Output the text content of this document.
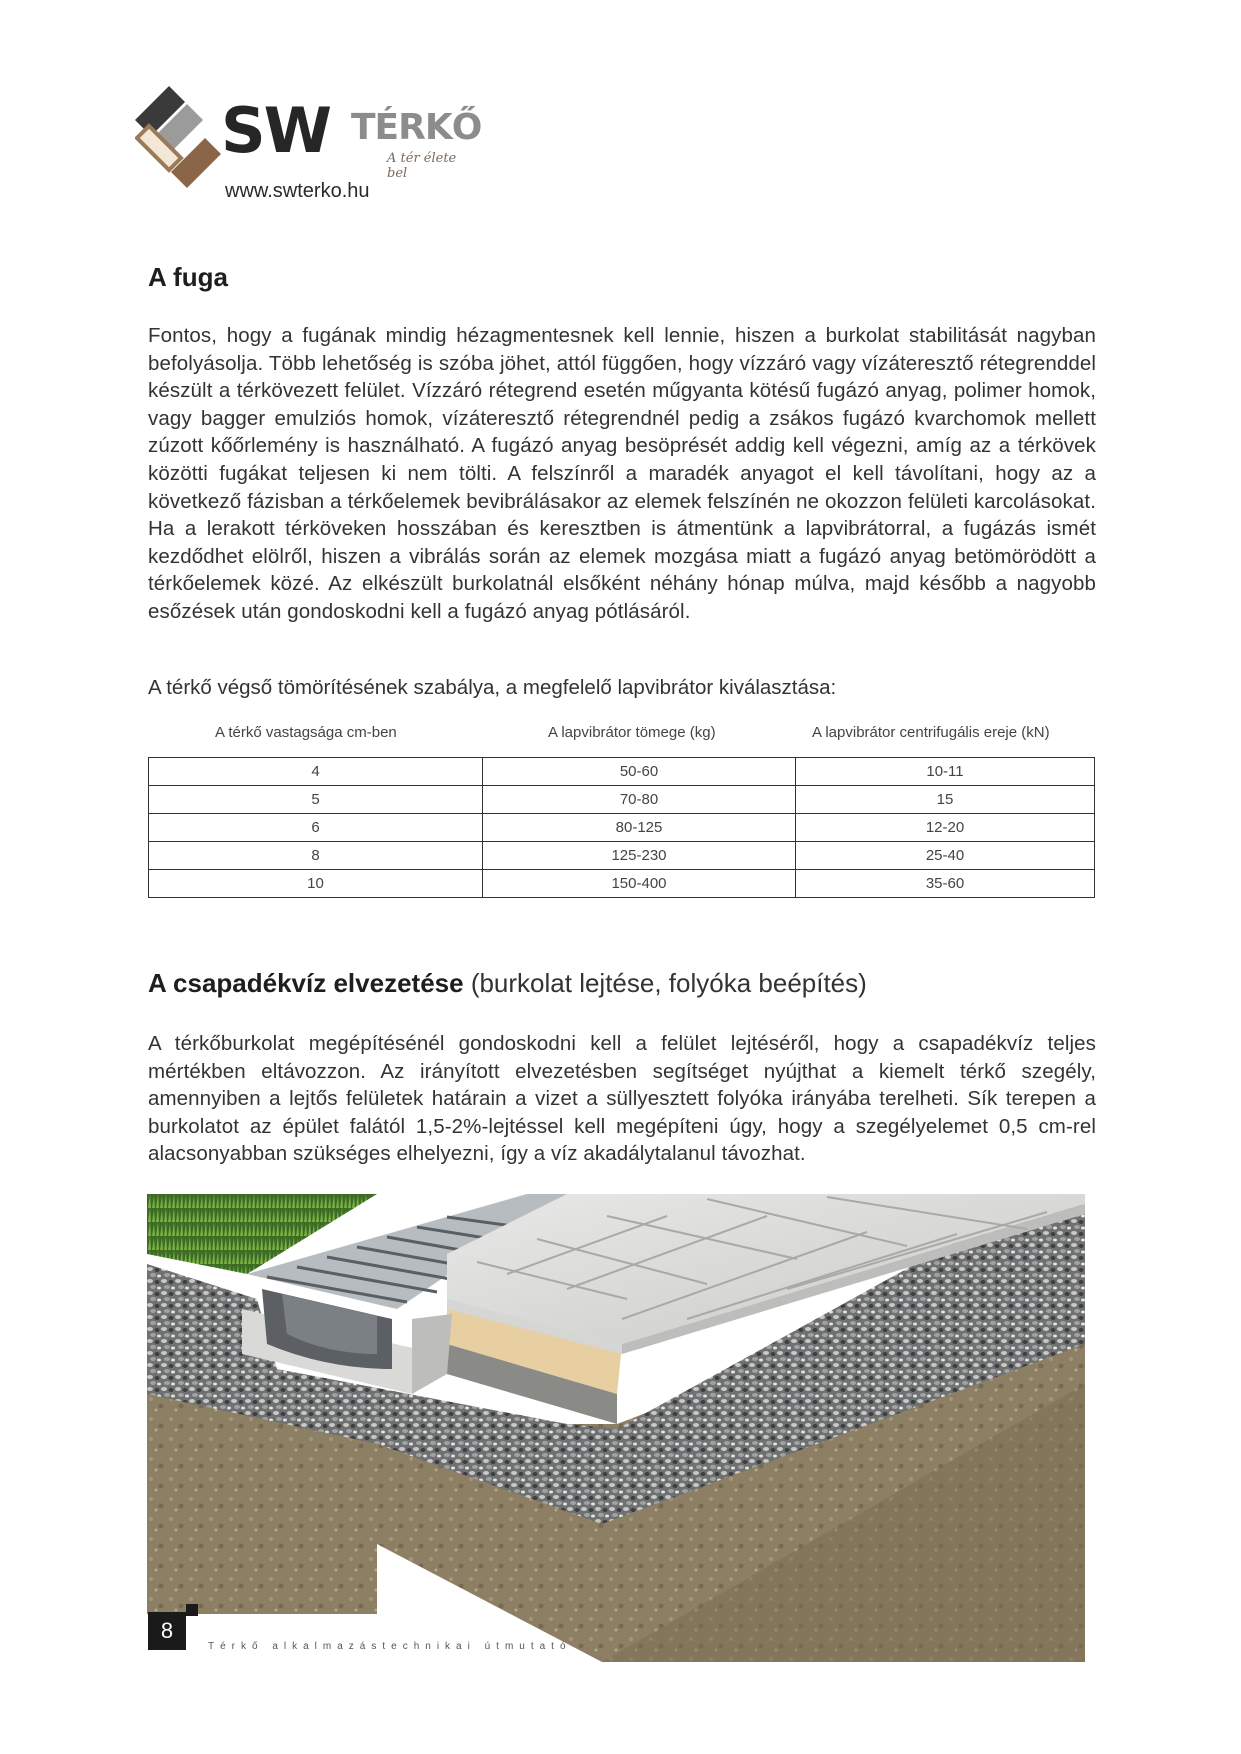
SW TÉRKŐ
A tér élete bel
www.swterko.hu
A fuga

Fontos, hogy a fugának mindig hézagmentesnek kell lennie, hiszen a burkolat stabilitását nagyban befolyásolja. Több lehetőség is szóba jöhet, attól függően, hogy vízzáró vagy vízáteresztő rétegrenddel készült a térkövezett felület. Vízzáró rétegrend esetén műgyanta kötésű fugázó anyag, polimer homok, vagy bagger emulziós homok, vízáteresztő rétegrendnél pedig a zsákos fugázó kvarchomok mellett zúzott kőőrlemény is használható. A fugázó anyag besöprését addig kell végezni, amíg az a térkövek közötti fugákat teljesen ki nem tölti. A felszínről a maradék anyagot el kell távolítani, hogy az a következő fázisban a térkőelemek bevibrálásakor az elemek felszínén ne okozzon felületi karcolásokat. Ha a lerakott térköveken hosszában és keresztben is átmentünk a lapvibrátorral, a fugázás ismét kezdődhet elölről, hiszen a vibrálás során az elemek mozgása miatt a fugázó anyag betömörödött a térkőelemek közé. Az elkészült burkolatnál elsőként néhány hónap múlva, majd később a nagyobb esőzések után gondoskodni kell a fugázó anyag pótlásáról.

A térkő végső tömörítésének szabálya, a megfelelő lapvibrátor kiválasztása:
A térkő vastagsága cm-ben	A lapvibrátor tömege (kg)	A lapvibrátor centrifugális ereje (kN)
4	50-60	10-11
5	70-80	15
6	80-125	12-20
8	125-230	25-40
10	150-400	35-60
A csapadékvíz elvezetése (burkolat lejtése, folyóka beépítés)

A térkőburkolat megépítésénél gondoskodni kell a felület lejtéséről, hogy a csapadékvíz teljes mértékben eltávozzon. Az irányított elvezetésben segítséget nyújthat a kiemelt térkő szegély, amennyiben a lejtős felületek határain a vizet a süllyesztett folyóka irányába terelheti. Sík terepen a burkolatot az épület falától 1,5-2%-lejtéssel kell megépíteni úgy, hogy a szegélyelemet 0,5 cm-rel alacsonyabban szükséges elhelyezni, így a víz akadálytalanul távozhat.

8
Térkő alkalmazástechnikai útmutató
